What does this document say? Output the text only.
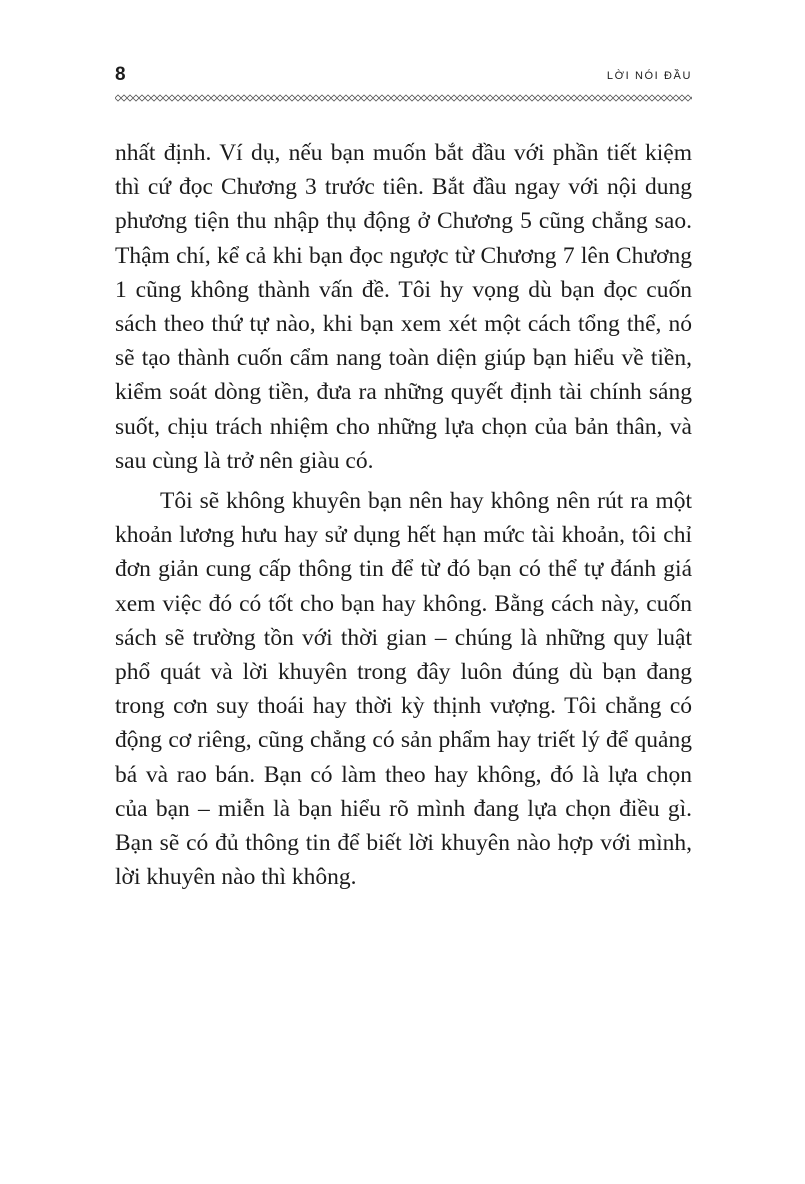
8	LỜI NÓI ĐẦU

nhất định. Ví dụ, nếu bạn muốn bắt đầu với phần tiết kiệm thì cứ đọc Chương 3 trước tiên. Bắt đầu ngay với nội dung phương tiện thu nhập thụ động ở Chương 5 cũng chẳng sao. Thậm chí, kể cả khi bạn đọc ngược từ Chương 7 lên Chương 1 cũng không thành vấn đề. Tôi hy vọng dù bạn đọc cuốn sách theo thứ tự nào, khi bạn xem xét một cách tổng thể, nó sẽ tạo thành cuốn cẩm nang toàn diện giúp bạn hiểu về tiền, kiểm soát dòng tiền, đưa ra những quyết định tài chính sáng suốt, chịu trách nhiệm cho những lựa chọn của bản thân, và sau cùng là trở nên giàu có.

Tôi sẽ không khuyên bạn nên hay không nên rút ra một khoản lương hưu hay sử dụng hết hạn mức tài khoản, tôi chỉ đơn giản cung cấp thông tin để từ đó bạn có thể tự đánh giá xem việc đó có tốt cho bạn hay không. Bằng cách này, cuốn sách sẽ trường tồn với thời gian – chúng là những quy luật phổ quát và lời khuyên trong đây luôn đúng dù bạn đang trong cơn suy thoái hay thời kỳ thịnh vượng. Tôi chẳng có động cơ riêng, cũng chẳng có sản phẩm hay triết lý để quảng bá và rao bán. Bạn có làm theo hay không, đó là lựa chọn của bạn – miễn là bạn hiểu rõ mình đang lựa chọn điều gì. Bạn sẽ có đủ thông tin để biết lời khuyên nào hợp với mình, lời khuyên nào thì không.
